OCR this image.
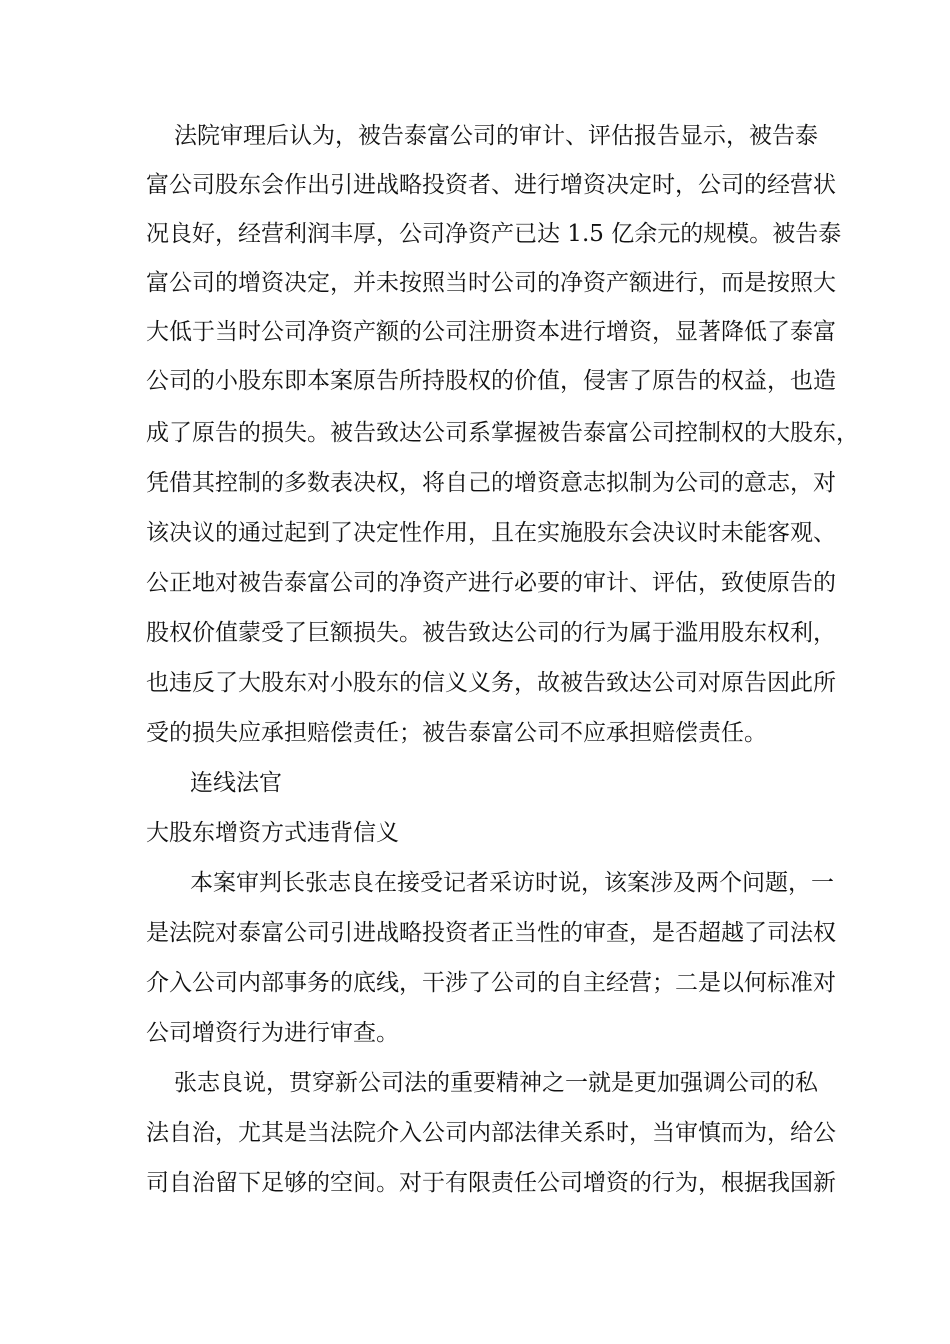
法院审理后认为，被告泰富公司的审计、评估报告显示，被告泰
富公司股东会作出引进战略投资者、进行增资决定时，公司的经营状
况良好，经营利润丰厚，公司净资产已达 1.5 亿余元的规模。被告泰
富公司的增资决定，并未按照当时公司的净资产额进行，而是按照大
大低于当时公司净资产额的公司注册资本进行增资，显著降低了泰富
公司的小股东即本案原告所持股权的价值，侵害了原告的权益，也造
成了原告的损失。被告致达公司系掌握被告泰富公司控制权的大股东，
凭借其控制的多数表决权，将自己的增资意志拟制为公司的意志，对
该决议的通过起到了决定性作用，且在实施股东会决议时未能客观、
公正地对被告泰富公司的净资产进行必要的审计、评估，致使原告的
股权价值蒙受了巨额损失。被告致达公司的行为属于滥用股东权利，
也违反了大股东对小股东的信义义务，故被告致达公司对原告因此所
受的损失应承担赔偿责任；被告泰富公司不应承担赔偿责任。
连线法官
大股东增资方式违背信义
本案审判长张志良在接受记者采访时说，该案涉及两个问题，一
是法院对泰富公司引进战略投资者正当性的审查，是否超越了司法权
介入公司内部事务的底线，干涉了公司的自主经营；二是以何标准对
公司增资行为进行审查。
张志良说，贯穿新公司法的重要精神之一就是更加强调公司的私
法自治，尤其是当法院介入公司内部法律关系时，当审慎而为，给公
司自治留下足够的空间。对于有限责任公司增资的行为，根据我国新
